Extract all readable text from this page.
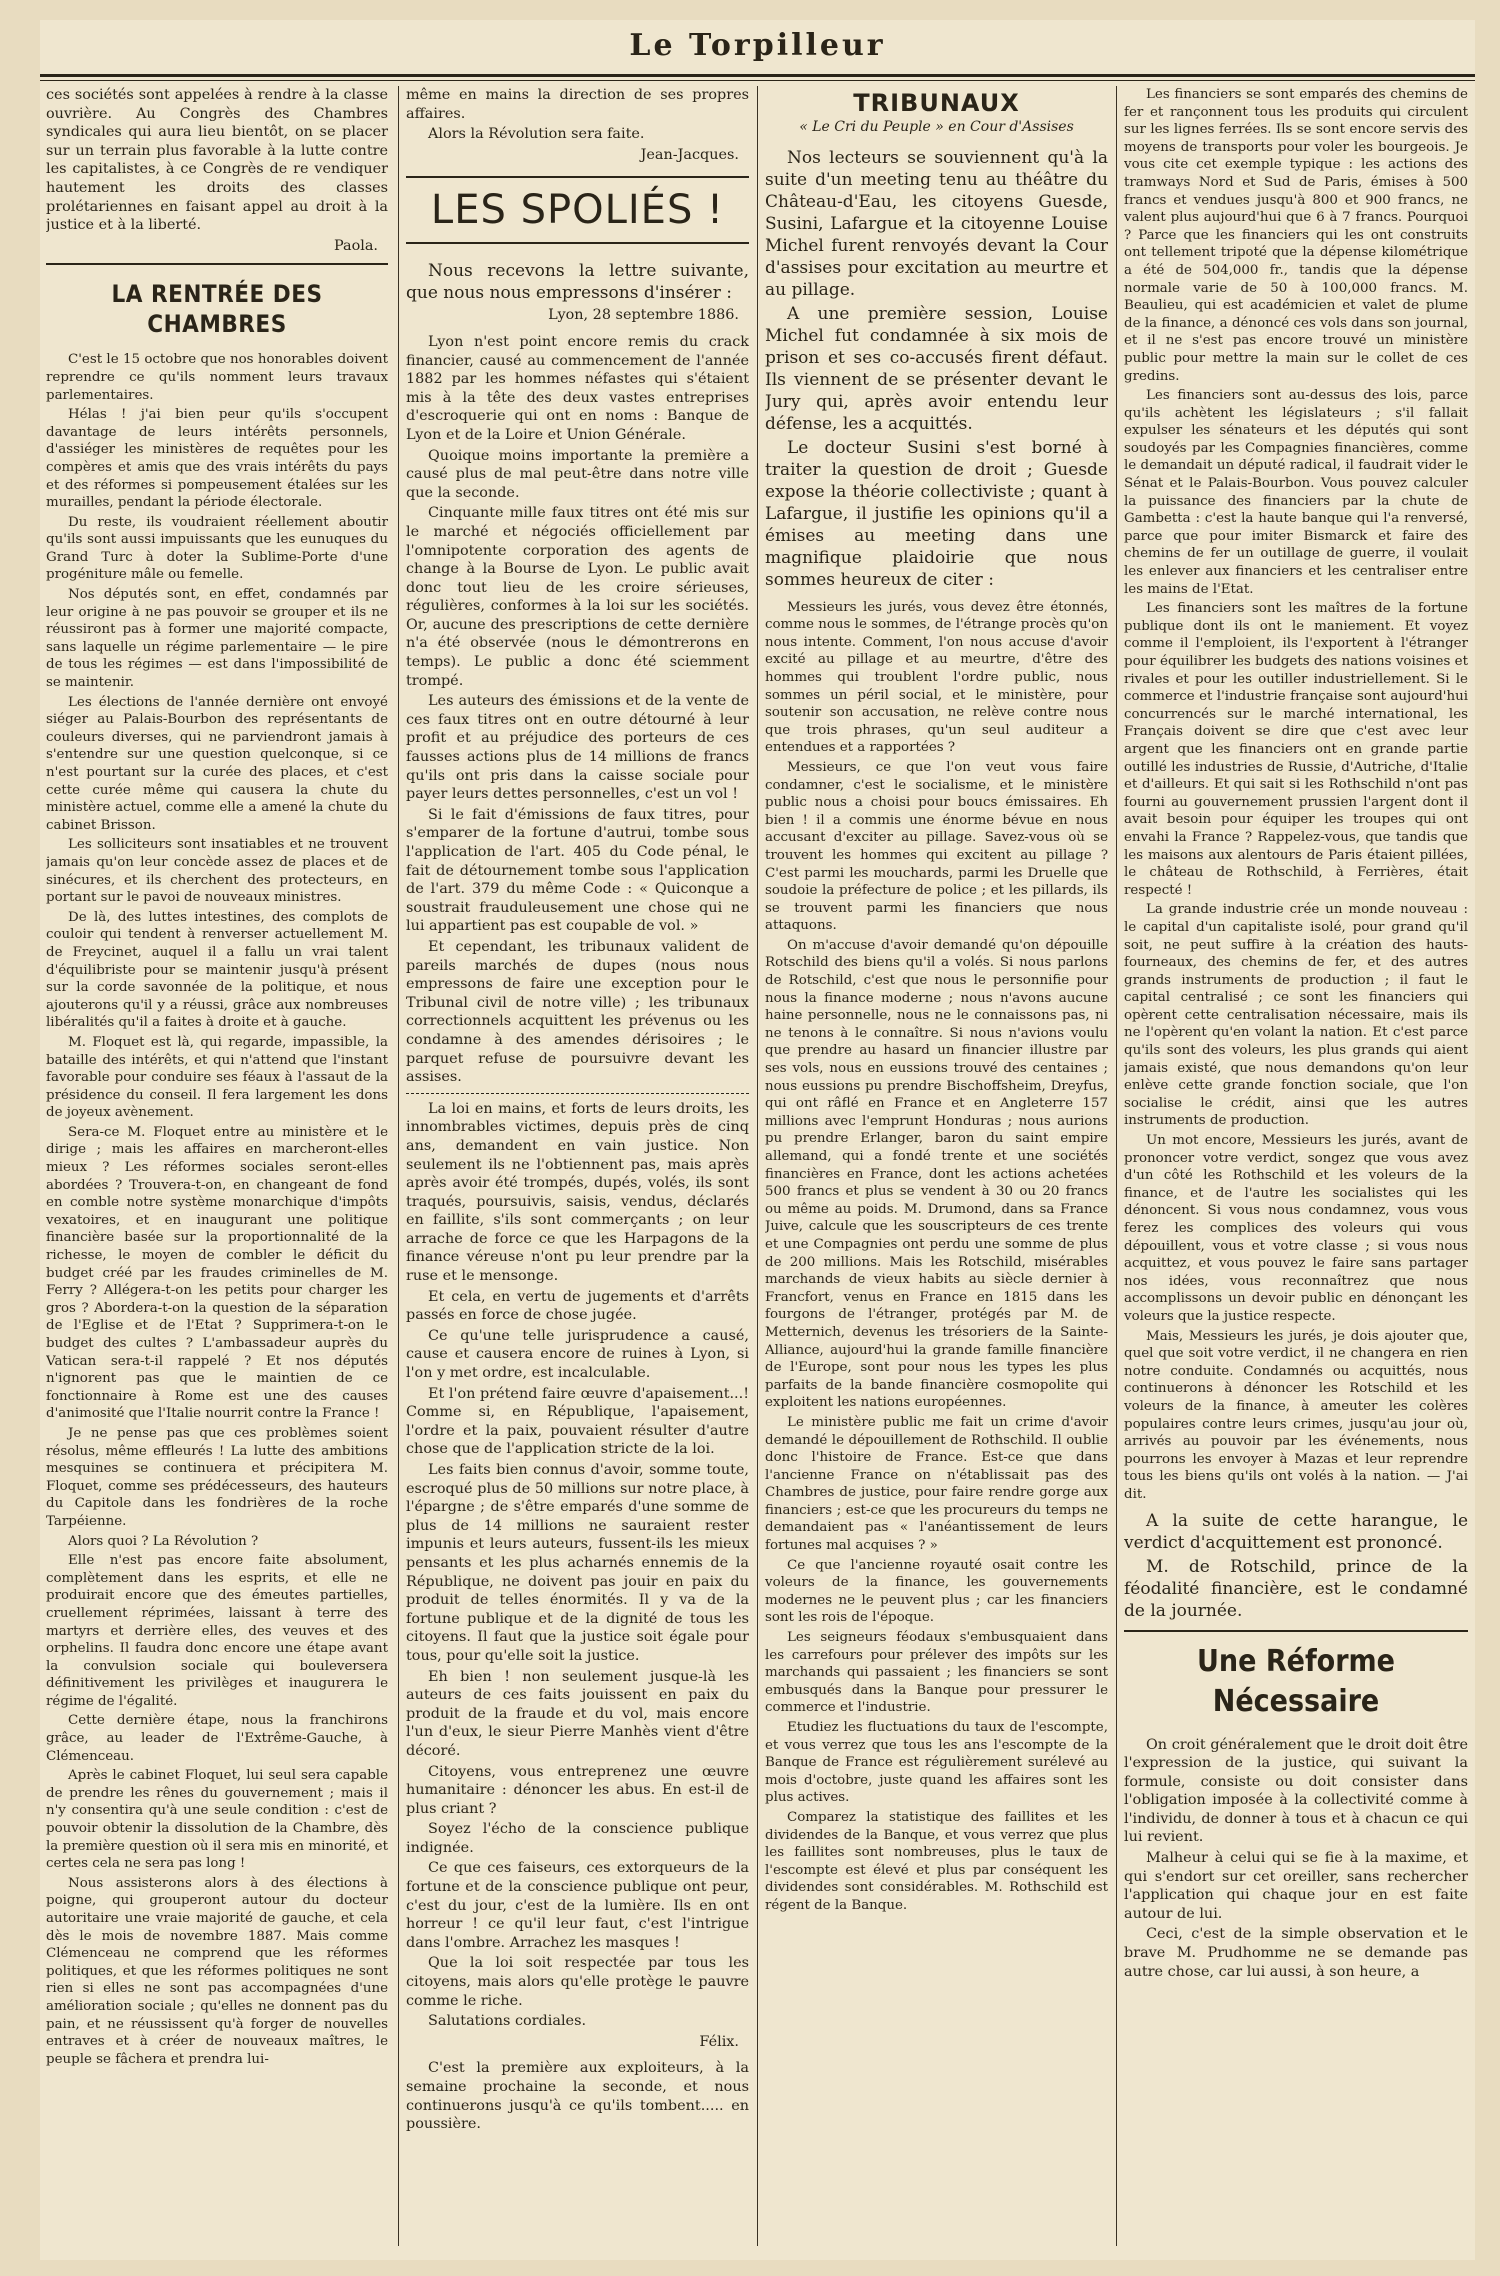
Le Torpilleur

ces sociétés sont appelées à rendre à la classe ouvrière. Au Congrès des Chambres syndicales qui aura lieu bientôt, on se placer sur un terrain plus favorable à la lutte contre les capitalistes, à ce Congrès de re vendiquer hautement les droits des classes prolétariennes en faisant appel au droit à la justice et à la liberté.

Paola.
LA RENTRÉE DES CHAMBRES

C'est le 15 octobre que nos honorables doivent reprendre ce qu'ils nomment leurs travaux parlementaires.

Hélas ! j'ai bien peur qu'ils s'occupent davantage de leurs intérêts personnels, d'assiéger les ministères de requêtes pour les compères et amis que des vrais intérêts du pays et des réformes si pompeusement étalées sur les murailles, pendant la période électorale.

Du reste, ils voudraient réellement aboutir qu'ils sont aussi impuissants que les eunuques du Grand Turc à doter la Sublime-Porte d'une progéniture mâle ou femelle.

Nos députés sont, en effet, condamnés par leur origine à ne pas pouvoir se grouper et ils ne réussiront pas à former une majorité compacte, sans laquelle un régime parlementaire — le pire de tous les régimes — est dans l'impossibilité de se maintenir.

Les élections de l'année dernière ont envoyé siéger au Palais-Bourbon des représentants de couleurs diverses, qui ne parviendront jamais à s'entendre sur une question quelconque, si ce n'est pourtant sur la curée des places, et c'est cette curée même qui causera la chute du ministère actuel, comme elle a amené la chute du cabinet Brisson.

Les solliciteurs sont insatiables et ne trouvent jamais qu'on leur concède assez de places et de sinécures, et ils cherchent des protecteurs, en portant sur le pavoi de nouveaux ministres.

De là, des luttes intestines, des complots de couloir qui tendent à renverser actuellement M. de Freycinet, auquel il a fallu un vrai talent d'équilibriste pour se maintenir jusqu'à présent sur la corde savonnée de la politique, et nous ajouterons qu'il y a réussi, grâce aux nombreuses libéralités qu'il a faites à droite et à gauche.

M. Floquet est là, qui regarde, impassible, la bataille des intérêts, et qui n'attend que l'instant favorable pour conduire ses féaux à l'assaut de la présidence du conseil. Il fera largement les dons de joyeux avènement.

Sera-ce M. Floquet entre au ministère et le dirige ; mais les affaires en marcheront-elles mieux ? Les réformes sociales seront-elles abordées ? Trouvera-t-on, en changeant de fond en comble notre système monarchique d'impôts vexatoires, et en inaugurant une politique financière basée sur la proportionnalité de la richesse, le moyen de combler le déficit du budget créé par les fraudes criminelles de M. Ferry ? Allégera-t-on les petits pour charger les gros ? Abordera-t-on la question de la séparation de l'Eglise et de l'Etat ? Supprimera-t-on le budget des cultes ? L'ambassadeur auprès du Vatican sera-t-il rappelé ? Et nos députés n'ignorent pas que le maintien de ce fonctionnaire à Rome est une des causes d'animosité que l'Italie nourrit contre la France !

Je ne pense pas que ces problèmes soient résolus, même effleurés ! La lutte des ambitions mesquines se continuera et précipitera M. Floquet, comme ses prédécesseurs, des hauteurs du Capitole dans les fondrières de la roche Tarpéienne.

Alors quoi ? La Révolution ?

Elle n'est pas encore faite absolument, complètement dans les esprits, et elle ne produirait encore que des émeutes partielles, cruellement réprimées, laissant à terre des martyrs et derrière elles, des veuves et des orphelins. Il faudra donc encore une étape avant la convulsion sociale qui bouleversera définitivement les privilèges et inaugurera le régime de l'égalité.

Cette dernière étape, nous la franchirons grâce, au leader de l'Extrême-Gauche, à Clémenceau.

Après le cabinet Floquet, lui seul sera capable de prendre les rênes du gouvernement ; mais il n'y consentira qu'à une seule condition : c'est de pouvoir obtenir la dissolution de la Chambre, dès la première question où il sera mis en minorité, et certes cela ne sera pas long !

Nous assisterons alors à des élections à poigne, qui grouperont autour du docteur autoritaire une vraie majorité de gauche, et cela dès le mois de novembre 1887. Mais comme Clémenceau ne comprend que les réformes politiques, et que les réformes politiques ne sont rien si elles ne sont pas accompagnées d'une amélioration sociale ; qu'elles ne donnent pas du pain, et ne réussissent qu'à forger de nouvelles entraves et à créer de nouveaux maîtres, le peuple se fâchera et prendra lui-

même en mains la direction de ses propres affaires.

Alors la Révolution sera faite.

Jean-Jacques.
LES SPOLIÉS !

Nous recevons la lettre suivante, que nous nous empressons d'insérer :

Lyon, 28 septembre 1886.

Lyon n'est point encore remis du crack financier, causé au commencement de l'année 1882 par les hommes néfastes qui s'étaient mis à la tête des deux vastes entreprises d'escroquerie qui ont en noms : Banque de Lyon et de la Loire et Union Générale.

Quoique moins importante la première a causé plus de mal peut-être dans notre ville que la seconde.

Cinquante mille faux titres ont été mis sur le marché et négociés officiellement par l'omnipotente corporation des agents de change à la Bourse de Lyon. Le public avait donc tout lieu de les croire sérieuses, régulières, conformes à la loi sur les sociétés. Or, aucune des prescriptions de cette dernière n'a été observée (nous le démontrerons en temps). Le public a donc été sciemment trompé.

Les auteurs des émissions et de la vente de ces faux titres ont en outre détourné à leur profit et au préjudice des porteurs de ces fausses actions plus de 14 millions de francs qu'ils ont pris dans la caisse sociale pour payer leurs dettes personnelles, c'est un vol !

Si le fait d'émissions de faux titres, pour s'emparer de la fortune d'autrui, tombe sous l'application de l'art. 405 du Code pénal, le fait de détournement tombe sous l'application de l'art. 379 du même Code : « Quiconque a soustrait frauduleusement une chose qui ne lui appartient pas est coupable de vol. »

Et cependant, les tribunaux valident de pareils marchés de dupes (nous nous empressons de faire une exception pour le Tribunal civil de notre ville) ; les tribunaux correctionnels acquittent les prévenus ou les condamne à des amendes dérisoires ; le parquet refuse de poursuivre devant les assises.

La loi en mains, et forts de leurs droits, les innombrables victimes, depuis près de cinq ans, demandent en vain justice. Non seulement ils ne l'obtiennent pas, mais après après avoir été trompés, dupés, volés, ils sont traqués, poursuivis, saisis, vendus, déclarés en faillite, s'ils sont commerçants ; on leur arrache de force ce que les Harpagons de la finance véreuse n'ont pu leur prendre par la ruse et le mensonge.

Et cela, en vertu de jugements et d'arrêts passés en force de chose jugée.

Ce qu'une telle jurisprudence a causé, cause et causera encore de ruines à Lyon, si l'on y met ordre, est incalculable.

Et l'on prétend faire œuvre d'apaisement...! Comme si, en République, l'apaisement, l'ordre et la paix, pouvaient résulter d'autre chose que de l'application stricte de la loi.

Les faits bien connus d'avoir, somme toute, escroqué plus de 50 millions sur notre place, à l'épargne ; de s'être emparés d'une somme de plus de 14 millions ne sauraient rester impunis et leurs auteurs, fussent-ils les mieux pensants et les plus acharnés ennemis de la République, ne doivent pas jouir en paix du produit de telles énormités. Il y va de la fortune publique et de la dignité de tous les citoyens. Il faut que la justice soit égale pour tous, pour qu'elle soit la justice.

Eh bien ! non seulement jusque-là les auteurs de ces faits jouissent en paix du produit de la fraude et du vol, mais encore l'un d'eux, le sieur Pierre Manhès vient d'être décoré.

Citoyens, vous entreprenez une œuvre humanitaire : dénoncer les abus. En est-il de plus criant ?

Soyez l'écho de la conscience publique indignée.

Ce que ces faiseurs, ces extorqueurs de la fortune et de la conscience publique ont peur, c'est du jour, c'est de la lumière. Ils en ont horreur ! ce qu'il leur faut, c'est l'intrigue dans l'ombre. Arrachez les masques !

Que la loi soit respectée par tous les citoyens, mais alors qu'elle protège le pauvre comme le riche.

Salutations cordiales.

Félix.

C'est la première aux exploiteurs, à la semaine prochaine la seconde, et nous continuerons jusqu'à ce qu'ils tombent..... en poussière.

TRIBUNAUX
« Le Cri du Peuple » en Cour d'Assises

Nos lecteurs se souviennent qu'à la suite d'un meeting tenu au théâtre du Château-d'Eau, les citoyens Guesde, Susini, Lafargue et la citoyenne Louise Michel furent renvoyés devant la Cour d'assises pour excitation au meurtre et au pillage.

A une première session, Louise Michel fut condamnée à six mois de prison et ses co-accusés firent défaut. Ils viennent de se présenter devant le Jury qui, après avoir entendu leur défense, les a acquittés.

Le docteur Susini s'est borné à traiter la question de droit ; Guesde expose la théorie collectiviste ; quant à Lafargue, il justifie les opinions qu'il a émises au meeting dans une magnifique plaidoirie que nous sommes heureux de citer :

Messieurs les jurés, vous devez être étonnés, comme nous le sommes, de l'étrange procès qu'on nous intente. Comment, l'on nous accuse d'avoir excité au pillage et au meurtre, d'être des hommes qui troublent l'ordre public, nous sommes un péril social, et le ministère, pour soutenir son accusation, ne relève contre nous que trois phrases, qu'un seul auditeur a entendues et a rapportées ?

Messieurs, ce que l'on veut vous faire condamner, c'est le socialisme, et le ministère public nous a choisi pour boucs émissaires. Eh bien ! il a commis une énorme bévue en nous accusant d'exciter au pillage. Savez-vous où se trouvent les hommes qui excitent au pillage ? C'est parmi les mouchards, parmi les Druelle que soudoie la préfecture de police ; et les pillards, ils se trouvent parmi les financiers que nous attaquons.

On m'accuse d'avoir demandé qu'on dépouille Rotschild des biens qu'il a volés. Si nous parlons de Rotschild, c'est que nous le personnifie pour nous la finance moderne ; nous n'avons aucune haine personnelle, nous ne le connaissons pas, ni ne tenons à le connaître. Si nous n'avions voulu que prendre au hasard un financier illustre par ses vols, nous en eussions trouvé des centaines ; nous eussions pu prendre Bischoffsheim, Dreyfus, qui ont râflé en France et en Angleterre 157 millions avec l'emprunt Honduras ; nous aurions pu prendre Erlanger, baron du saint empire allemand, qui a fondé trente et une sociétés financières en France, dont les actions achetées 500 francs et plus se vendent à 30 ou 20 francs ou même au poids. M. Drumond, dans sa France Juive, calcule que les souscripteurs de ces trente et une Compagnies ont perdu une somme de plus de 200 millions. Mais les Rotschild, misérables marchands de vieux habits au siècle dernier à Francfort, venus en France en 1815 dans les fourgons de l'étranger, protégés par M. de Metternich, devenus les trésoriers de la Sainte-Alliance, aujourd'hui la grande famille financière de l'Europe, sont pour nous les types les plus parfaits de la bande financière cosmopolite qui exploitent les nations européennes.

Le ministère public me fait un crime d'avoir demandé le dépouillement de Rothschild. Il oublie donc l'histoire de France. Est-ce que dans l'ancienne France on n'établissait pas des Chambres de justice, pour faire rendre gorge aux financiers ; est-ce que les procureurs du temps ne demandaient pas « l'anéantissement de leurs fortunes mal acquises ? »

Ce que l'ancienne royauté osait contre les voleurs de la finance, les gouvernements modernes ne le peuvent plus ; car les financiers sont les rois de l'époque.

Les seigneurs féodaux s'embusquaient dans les carrefours pour prélever des impôts sur les marchands qui passaient ; les financiers se sont embusqués dans la Banque pour pressurer le commerce et l'industrie.

Etudiez les fluctuations du taux de l'escompte, et vous verrez que tous les ans l'escompte de la Banque de France est régulièrement surélevé au mois d'octobre, juste quand les affaires sont les plus actives.

Comparez la statistique des faillites et les dividendes de la Banque, et vous verrez que plus les faillites sont nombreuses, plus le taux de l'escompte est élevé et plus par conséquent les dividendes sont considérables. M. Rothschild est régent de la Banque.

Les financiers se sont emparés des chemins de fer et rançonnent tous les produits qui circulent sur les lignes ferrées. Ils se sont encore servis des moyens de transports pour voler les bourgeois. Je vous cite cet exemple typique : les actions des tramways Nord et Sud de Paris, émises à 500 francs et vendues jusqu'à 800 et 900 francs, ne valent plus aujourd'hui que 6 à 7 francs. Pourquoi ? Parce que les financiers qui les ont construits ont tellement tripoté que la dépense kilométrique a été de 504,000 fr., tandis que la dépense normale varie de 50 à 100,000 francs. M. Beaulieu, qui est académicien et valet de plume de la finance, a dénoncé ces vols dans son journal, et il ne s'est pas encore trouvé un ministère public pour mettre la main sur le collet de ces gredins.

Les financiers sont au-dessus des lois, parce qu'ils achètent les législateurs ; s'il fallait expulser les sénateurs et les députés qui sont soudoyés par les Compagnies financières, comme le demandait un député radical, il faudrait vider le Sénat et le Palais-Bourbon. Vous pouvez calculer la puissance des financiers par la chute de Gambetta : c'est la haute banque qui l'a renversé, parce que pour imiter Bismarck et faire des chemins de fer un outillage de guerre, il voulait les enlever aux financiers et les centraliser entre les mains de l'Etat.

Les financiers sont les maîtres de la fortune publique dont ils ont le maniement. Et voyez comme il l'emploient, ils l'exportent à l'étranger pour équilibrer les budgets des nations voisines et rivales et pour les outiller industriellement. Si le commerce et l'industrie française sont aujourd'hui concurrencés sur le marché international, les Français doivent se dire que c'est avec leur argent que les financiers ont en grande partie outillé les industries de Russie, d'Autriche, d'Italie et d'ailleurs. Et qui sait si les Rothschild n'ont pas fourni au gouvernement prussien l'argent dont il avait besoin pour équiper les troupes qui ont envahi la France ? Rappelez-vous, que tandis que les maisons aux alentours de Paris étaient pillées, le château de Rothschild, à Ferrières, était respecté !

La grande industrie crée un monde nouveau : le capital d'un capitaliste isolé, pour grand qu'il soit, ne peut suffire à la création des hauts-fourneaux, des chemins de fer, et des autres grands instruments de production ; il faut le capital centralisé ; ce sont les financiers qui opèrent cette centralisation nécessaire, mais ils ne l'opèrent qu'en volant la nation. Et c'est parce qu'ils sont des voleurs, les plus grands qui aient jamais existé, que nous demandons qu'on leur enlève cette grande fonction sociale, que l'on socialise le crédit, ainsi que les autres instruments de production.

Un mot encore, Messieurs les jurés, avant de prononcer votre verdict, songez que vous avez d'un côté les Rothschild et les voleurs de la finance, et de l'autre les socialistes qui les dénoncent. Si vous nous condamnez, vous vous ferez les complices des voleurs qui vous dépouillent, vous et votre classe ; si vous nous acquittez, et vous pouvez le faire sans partager nos idées, vous reconnaîtrez que nous accomplissons un devoir public en dénonçant les voleurs que la justice respecte.

Mais, Messieurs les jurés, je dois ajouter que, quel que soit votre verdict, il ne changera en rien notre conduite. Condamnés ou acquittés, nous continuerons à dénoncer les Rotschild et les voleurs de la finance, à ameuter les colères populaires contre leurs crimes, jusqu'au jour où, arrivés au pouvoir par les événements, nous pourrons les envoyer à Mazas et leur reprendre tous les biens qu'ils ont volés à la nation. — J'ai dit.

A la suite de cette harangue, le verdict d'acquittement est prononcé.

M. de Rotschild, prince de la féodalité financière, est le condamné de la journée.

Une Réforme Nécessaire

On croit généralement que le droit doit être l'expression de la justice, qui suivant la formule, consiste ou doit consister dans l'obligation imposée à la collectivité comme à l'individu, de donner à tous et à chacun ce qui lui revient.

Malheur à celui qui se fie à la maxime, et qui s'endort sur cet oreiller, sans rechercher l'application qui chaque jour en est faite autour de lui.

Ceci, c'est de la simple observation et le brave M. Prudhomme ne se demande pas autre chose, car lui aussi, à son heure, a
